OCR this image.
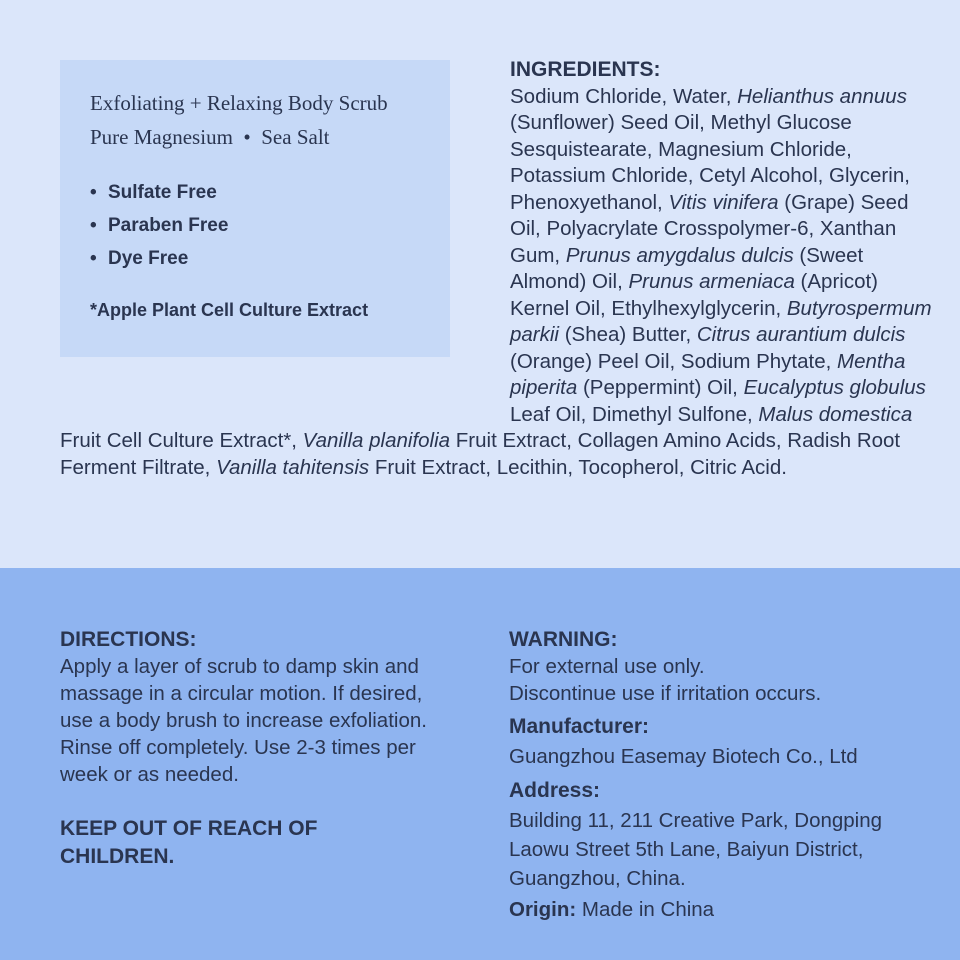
Exfoliating + Relaxing Body Scrub
Pure Magnesium  •  Sea Salt

• Sulfate Free
• Paraben Free
• Dye Free
*Apple Plant Cell Culture Extract
INGREDIENTS:
Sodium Chloride, Water, Helianthus annuus (Sunflower) Seed Oil, Methyl Glucose Sesquistearate, Magnesium Chloride, Potassium Chloride, Cetyl Alcohol, Glycerin, Phenoxyethanol, Vitis vinifera (Grape) Seed Oil, Polyacrylate Crosspolymer-6, Xanthan Gum, Prunus amygdalus dulcis (Sweet Almond) Oil, Prunus armeniaca (Apricot) Kernel Oil, Ethylhexylglycerin, Butyrospermum parkii (Shea) Butter, Citrus aurantium dulcis (Orange) Peel Oil, Sodium Phytate, Mentha piperita (Peppermint) Oil, Eucalyptus globulus Leaf Oil, Dimethyl Sulfone, Malus domestica Fruit Cell Culture Extract*, Vanilla planifolia Fruit Extract, Collagen Amino Acids, Radish Root Ferment Filtrate, Vanilla tahitensis Fruit Extract, Lecithin, Tocopherol, Citric Acid.
DIRECTIONS:
Apply a layer of scrub to damp skin and massage in a circular motion. If desired, use a body brush to increase exfoliation. Rinse off completely. Use 2-3 times per week or as needed.
KEEP OUT OF REACH OF CHILDREN.
WARNING:
For external use only.
Discontinue use if irritation occurs.
Manufacturer:
Guangzhou Easemay Biotech Co., Ltd
Address:
Building 11, 211 Creative Park, Dongping Laowu Street 5th Lane, Baiyun District, Guangzhou, China.
Origin: Made in China
